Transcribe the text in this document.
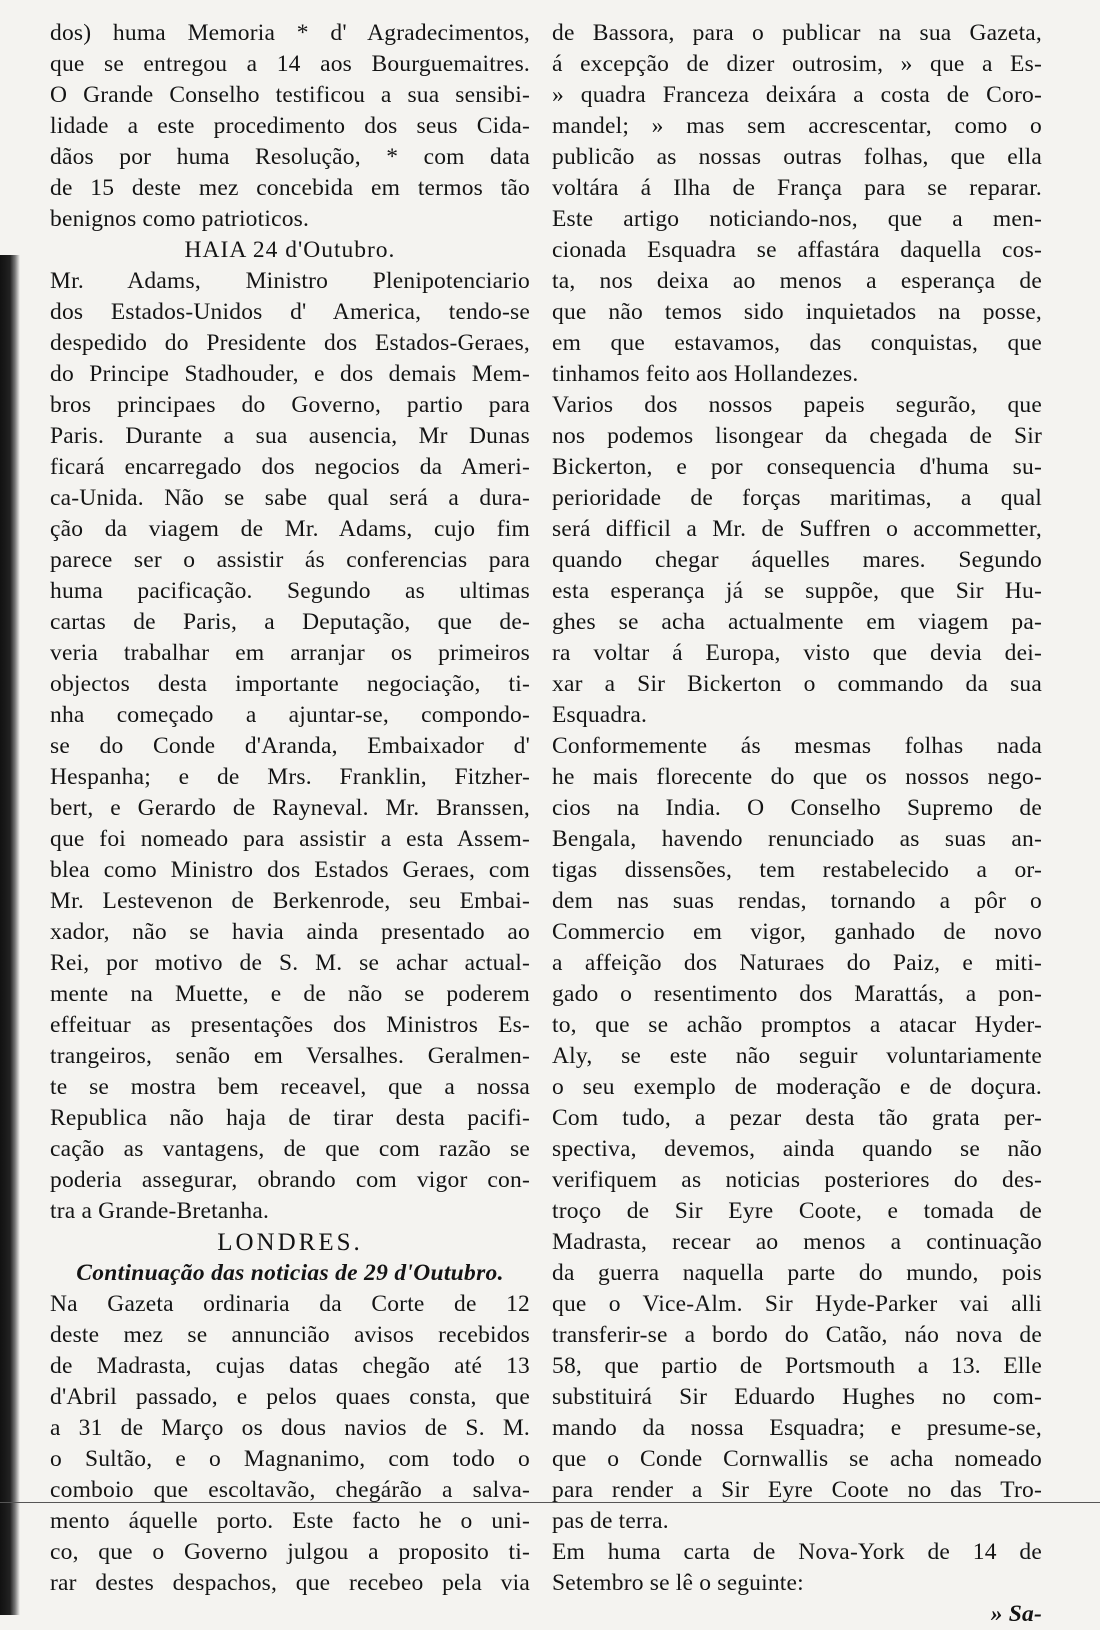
dos) huma Memoria * d' Agradecimentos,
que se entregou a 14 aos Bourguemaitres.
O Grande Conselho testificou a sua sensibi-
lidade a este procedimento dos seus Cida-
dãos por huma Resolução, * com data
de 15 deste mez concebida em termos tão
benignos como patrioticos.
HAIA 24 d'Outubro.
Mr. Adams, Ministro Plenipotenciario
dos Estados-Unidos d' America, tendo-se
despedido do Presidente dos Estados-Geraes,
do Principe Stadhouder, e dos demais Mem-
bros principaes do Governo, partio para
Paris. Durante a sua ausencia, Mr Dunas
ficará encarregado dos negocios da Ameri-
ca-Unida. Não se sabe qual será a dura-
ção da viagem de Mr. Adams, cujo fim
parece ser o assistir ás conferencias para
huma pacificação. Segundo as ultimas
cartas de Paris, a Deputação, que de-
veria trabalhar em arranjar os primeiros
objectos desta importante negociação, ti-
nha começado a ajuntar-se, compondo-
se do Conde d'Aranda, Embaixador d'
Hespanha; e de Mrs. Franklin, Fitzher-
bert, e Gerardo de Rayneval. Mr. Branssen,
que foi nomeado para assistir a esta Assem-
blea como Ministro dos Estados Geraes, com
Mr. Lestevenon de Berkenrode, seu Embai-
xador, não se havia ainda presentado ao
Rei, por motivo de S. M. se achar actual-
mente na Muette, e de não se poderem
effeituar as presentações dos Ministros Es-
trangeiros, senão em Versalhes. Geralmen-
te se mostra bem receavel, que a nossa
Republica não haja de tirar desta pacifi-
cação as vantagens, de que com razão se
poderia assegurar, obrando com vigor con-
tra a Grande-Bretanha.
LONDRES.
Continuação das noticias de 29 d'Outubro.
Na Gazeta ordinaria da Corte de 12
deste mez se annuncião avisos recebidos
de Madrasta, cujas datas chegão até 13
d'Abril passado, e pelos quaes consta, que
a 31 de Março os dous navios de S. M.
o Sultão, e o Magnanimo, com todo o
comboio que escoltavão, chegárão a salva-
mento áquelle porto. Este facto he o uni-
co, que o Governo julgou a proposito ti-
rar destes despachos, que recebeo pela via
de Bassora, para o publicar na sua Gazeta,
á excepção de dizer outrosim, » que a Es-
» quadra Franceza deixára a costa de Coro-
mandel; » mas sem accrescentar, como o
publicão as nossas outras folhas, que ella
voltára á Ilha de França para se reparar.
Este artigo noticiando-nos, que a men-
cionada Esquadra se affastára daquella cos-
ta, nos deixa ao menos a esperança de
que não temos sido inquietados na posse,
em que estavamos, das conquistas, que
tinhamos feito aos Hollandezes.
Varios dos nossos papeis segurão, que
nos podemos lisongear da chegada de Sir
Bickerton, e por consequencia d'huma su-
perioridade de forças maritimas, a qual
será difficil a Mr. de Suffren o accommetter,
quando chegar áquelles mares. Segundo
esta esperança já se suppõe, que Sir Hu-
ghes se acha actualmente em viagem pa-
ra voltar á Europa, visto que devia dei-
xar a Sir Bickerton o commando da sua
Esquadra.
Conformemente ás mesmas folhas nada
he mais florecente do que os nossos nego-
cios na India. O Conselho Supremo de
Bengala, havendo renunciado as suas an-
tigas dissensões, tem restabelecido a or-
dem nas suas rendas, tornando a pôr o
Commercio em vigor, ganhado de novo
a affeição dos Naturaes do Paiz, e miti-
gado o resentimento dos Marattás, a pon-
to, que se achão promptos a atacar Hyder-
Aly, se este não seguir voluntariamente
o seu exemplo de moderação e de doçura.
Com tudo, a pezar desta tão grata per-
spectiva, devemos, ainda quando se não
verifiquem as noticias posteriores do des-
troço de Sir Eyre Coote, e tomada de
Madrasta, recear ao menos a continuação
da guerra naquella parte do mundo, pois
que o Vice-Alm. Sir Hyde-Parker vai alli
transferir-se a bordo do Catão, náo nova de
58, que partio de Portsmouth a 13. Elle
substituirá Sir Eduardo Hughes no com-
mando da nossa Esquadra; e presume-se,
que o Conde Cornwallis se acha nomeado
para render a Sir Eyre Coote no das Tro-
pas de terra.
Em huma carta de Nova-York de 14 de
Setembro se lê o seguinte:
» Sa-
